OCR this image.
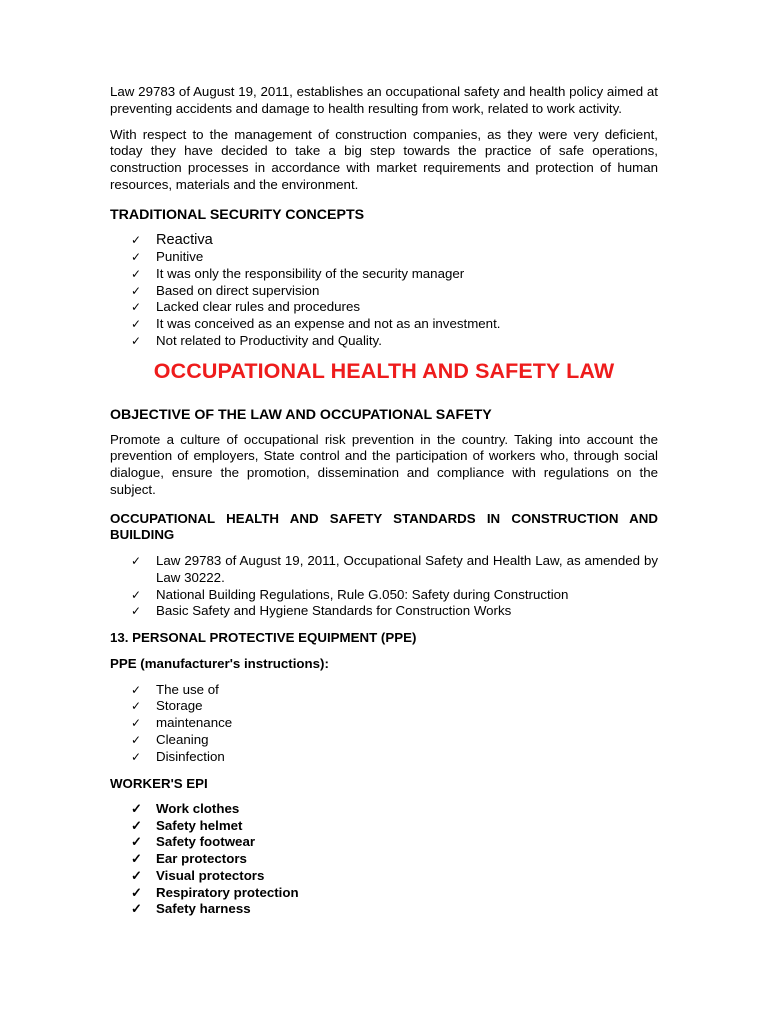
Law 29783 of August 19, 2011, establishes an occupational safety and health policy aimed at preventing accidents and damage to health resulting from work, related to work activity.

With respect to the management of construction companies, as they were very deficient, today they have decided to take a big step towards the practice of safe operations, construction processes in accordance with market requirements and protection of human resources, materials and the environment.

TRADITIONAL SECURITY CONCEPTS
✓ Reactiva
✓ Punitive
✓ It was only the responsibility of the security manager
✓ Based on direct supervision
✓ Lacked clear rules and procedures
✓ It was conceived as an expense and not as an investment.
✓ Not related to Productivity and Quality.
OCCUPATIONAL HEALTH AND SAFETY LAW
OBJECTIVE OF THE LAW AND OCCUPATIONAL SAFETY

Promote a culture of occupational risk prevention in the country. Taking into account the prevention of employers, State control and the participation of workers who, through social dialogue, ensure the promotion, dissemination and compliance with regulations on the subject.

OCCUPATIONAL HEALTH AND SAFETY STANDARDS IN CONSTRUCTION AND BUILDING
✓ Law 29783 of August 19, 2011, Occupational Safety and Health Law, as amended by Law 30222.
✓ National Building Regulations, Rule G.050: Safety during Construction
✓ Basic Safety and Hygiene Standards for Construction Works
13. PERSONAL PROTECTIVE EQUIPMENT (PPE)
PPE (manufacturer's instructions):
✓ The use of
✓ Storage
✓ maintenance
✓ Cleaning
✓ Disinfection
WORKER'S EPI
✓ Work clothes
✓ Safety helmet
✓ Safety footwear
✓ Ear protectors
✓ Visual protectors
✓ Respiratory protection
✓ Safety harness
